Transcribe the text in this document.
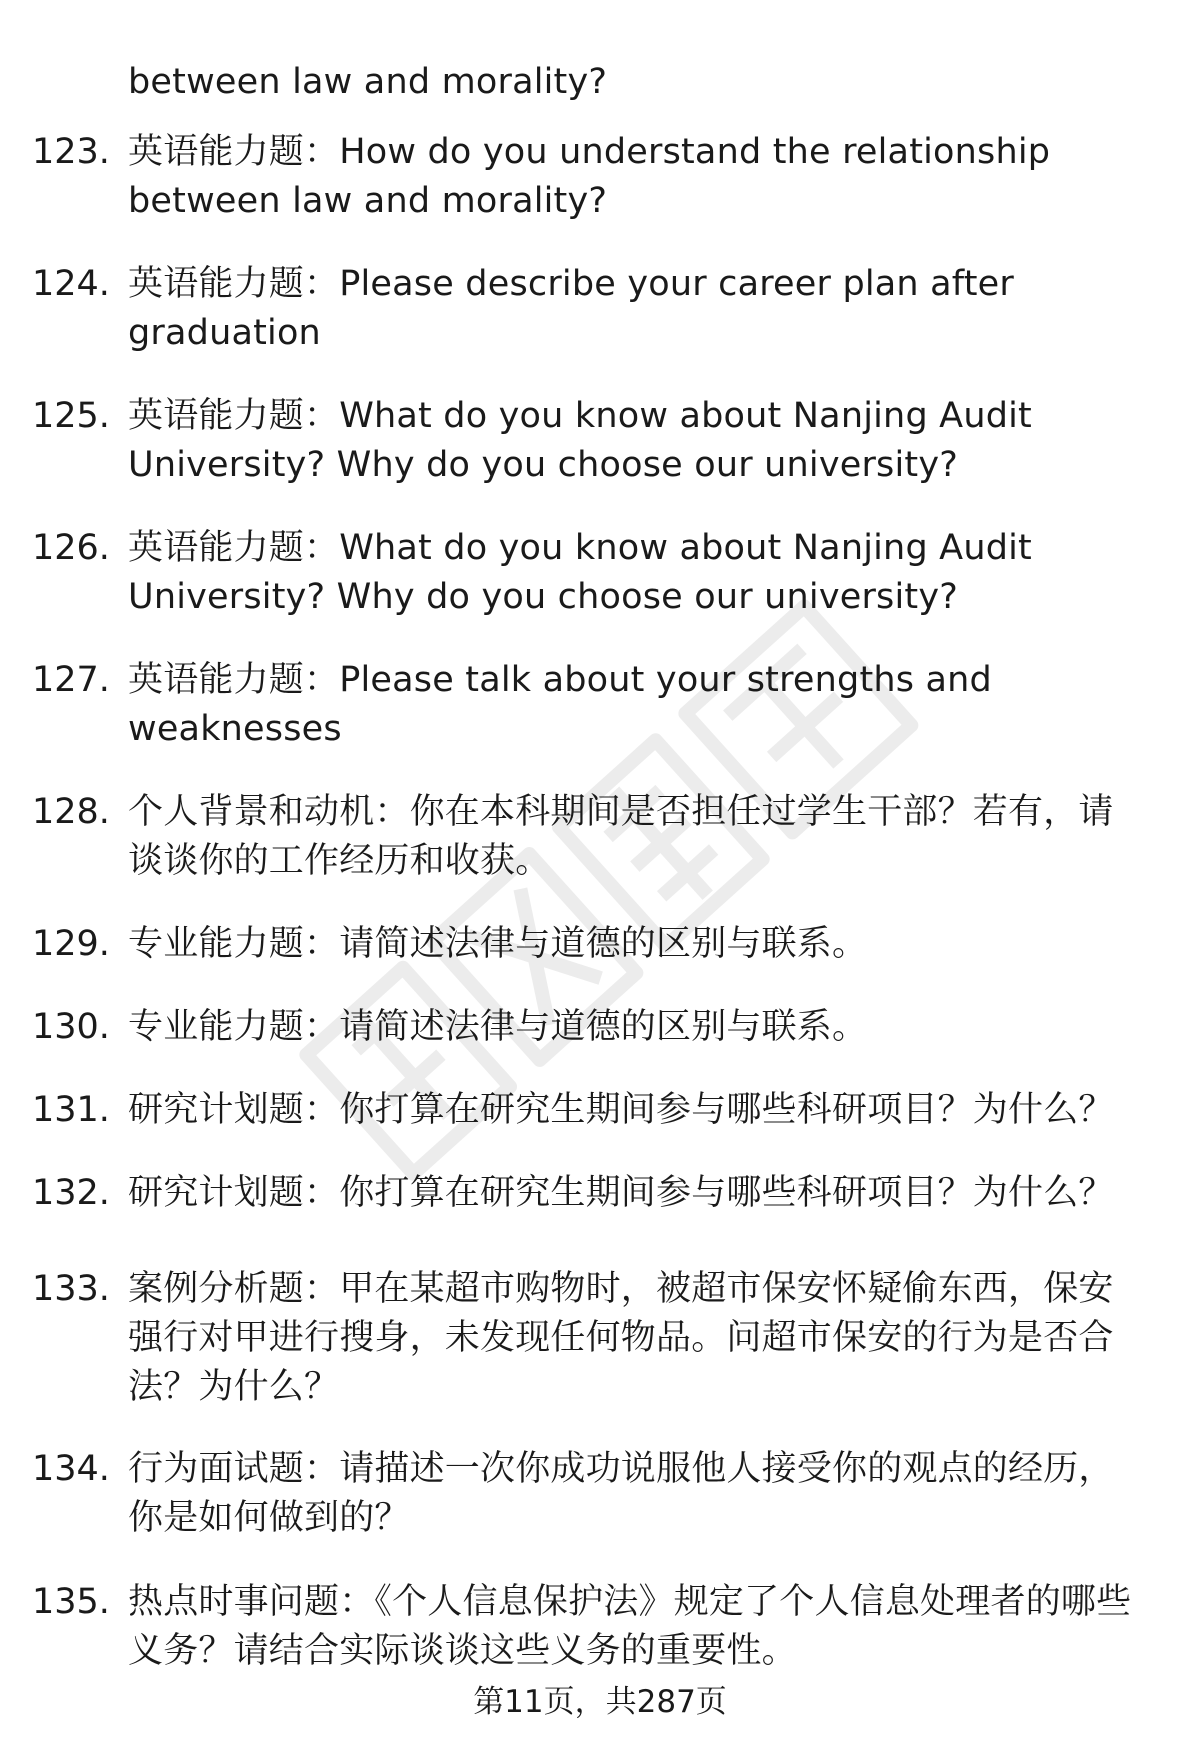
between law and morality?
123. 英语能力题：How do you understand the relationship between law and morality?
124. 英语能力题：Please describe your career plan after graduation
125. 英语能力题：What do you know about Nanjing Audit University? Why do you choose our university?
126. 英语能力题：What do you know about Nanjing Audit University? Why do you choose our university?
127. 英语能力题：Please talk about your strengths and weaknesses
128. 个人背景和动机：你在本科期间是否担任过学生干部？若有，请谈谈你的工作经历和收获。
129. 专业能力题：请简述法律与道德的区别与联系。
130. 专业能力题：请简述法律与道德的区别与联系。
131. 研究计划题：你打算在研究生期间参与哪些科研项目？为什么？
132. 研究计划题：你打算在研究生期间参与哪些科研项目？为什么？
133. 案例分析题：甲在某超市购物时，被超市保安怀疑偷东西，保安强行对甲进行搜身，未发现任何物品。问超市保安的行为是否合法？为什么？
134. 行为面试题：请描述一次你成功说服他人接受你的观点的经历，你是如何做到的？
135. 热点时事问题：《个人信息保护法》规定了个人信息处理者的哪些义务？请结合实际谈谈这些义务的重要性。
第11页，共287页
